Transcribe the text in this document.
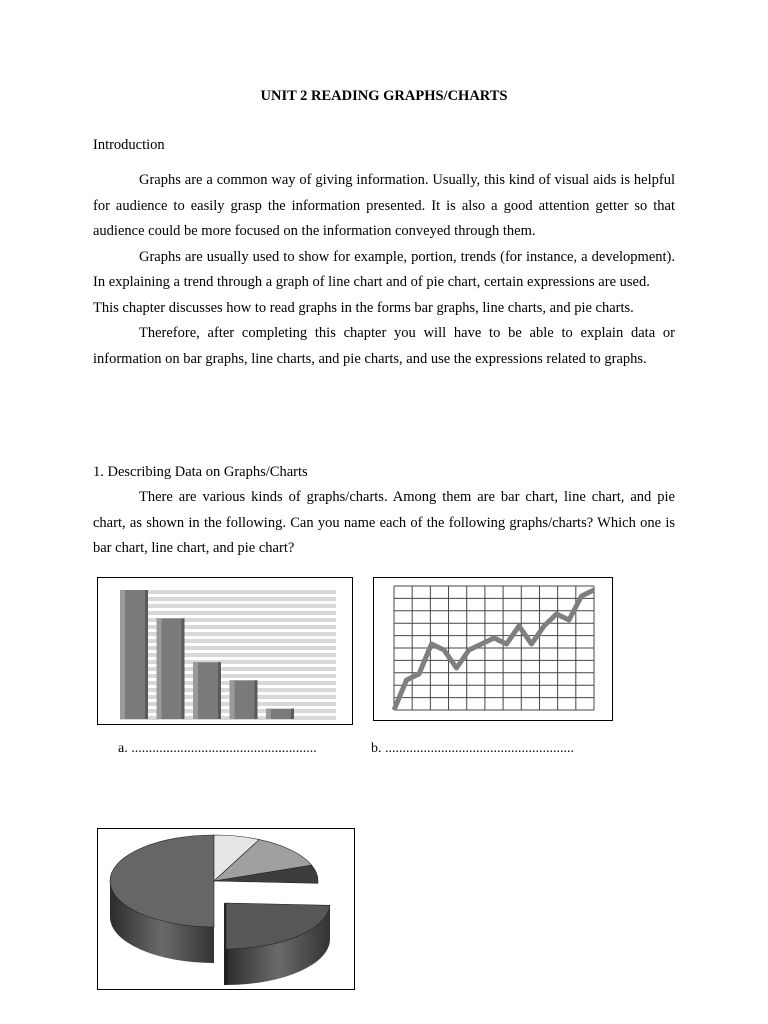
UNIT 2 READING GRAPHS/CHARTS
Introduction

Graphs are a common way of giving information. Usually, this kind of visual aids is helpful for audience to easily grasp the information presented. It is also a good attention getter so that audience could be more focused on the information conveyed through them.

Graphs are usually used to show for example, portion, trends (for instance, a development). In explaining a trend through a graph of line chart and of pie chart, certain expressions are used.

This chapter discusses how to read graphs in the forms bar graphs, line charts, and pie charts.

Therefore, after completing this chapter you will have to be able to explain data or information on bar graphs, line charts, and pie charts, and use the expressions related to graphs.

1. Describing Data on Graphs/Charts

There are various kinds of graphs/charts. Among them are bar chart, line chart, and pie chart, as shown in the following. Can you name each of the following graphs/charts? Which one is bar chart, line chart, and pie chart?

a. .....................................................	b. ......................................................
